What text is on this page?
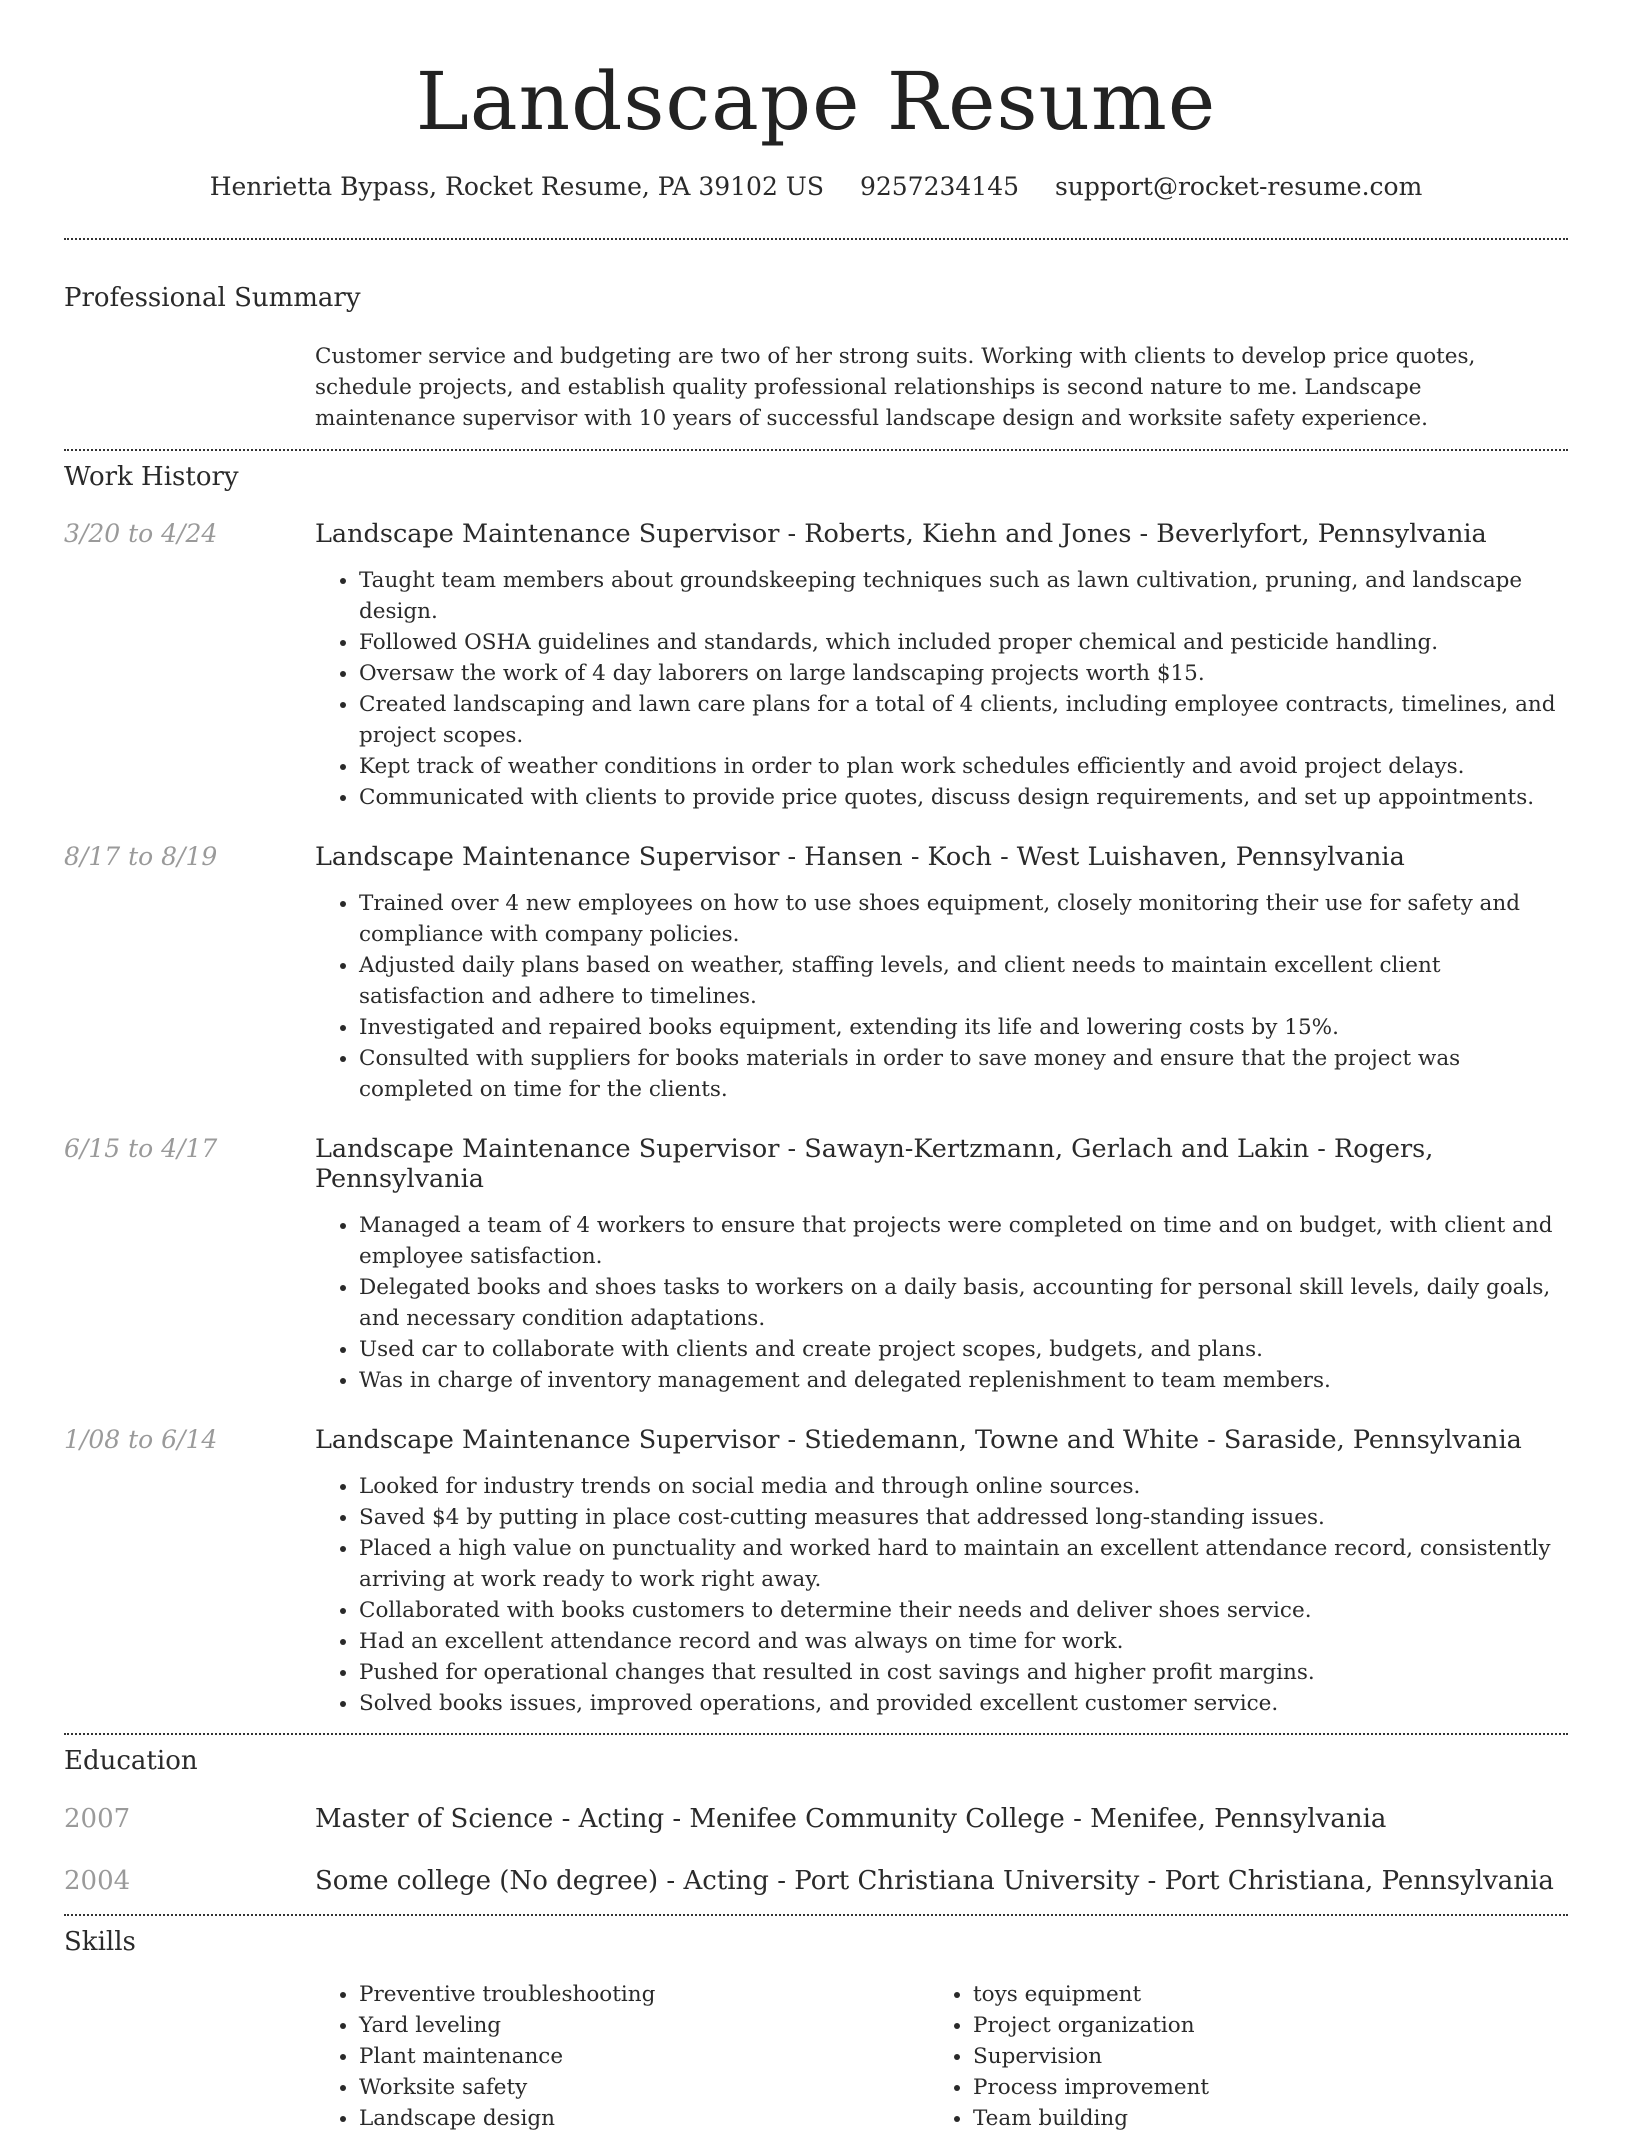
Landscape Resume
Henrietta Bypass, Rocket Resume, PA 39102 US 9257234145 support@rocket-resume.com
Professional Summary
Customer service and budgeting are two of her strong suits. Working with clients to develop price quotes, schedule projects, and establish quality professional relationships is second nature to me. Landscape maintenance supervisor with 10 years of successful landscape design and worksite safety experience.
Work History
3/20 to 4/24	Landscape Maintenance Supervisor - Roberts, Kiehn and Jones - Beverlyfort, Pennsylvania
• Taught team members about groundskeeping techniques such as lawn cultivation, pruning, and landscape design.
• Followed OSHA guidelines and standards, which included proper chemical and pesticide handling.
• Oversaw the work of 4 day laborers on large landscaping projects worth $15.
• Created landscaping and lawn care plans for a total of 4 clients, including employee contracts, timelines, and project scopes.
• Kept track of weather conditions in order to plan work schedules efficiently and avoid project delays.
• Communicated with clients to provide price quotes, discuss design requirements, and set up appointments.
8/17 to 8/19	Landscape Maintenance Supervisor - Hansen - Koch - West Luishaven, Pennsylvania
• Trained over 4 new employees on how to use shoes equipment, closely monitoring their use for safety and compliance with company policies.
• Adjusted daily plans based on weather, staffing levels, and client needs to maintain excellent client satisfaction and adhere to timelines.
• Investigated and repaired books equipment, extending its life and lowering costs by 15%.
• Consulted with suppliers for books materials in order to save money and ensure that the project was completed on time for the clients.
6/15 to 4/17	Landscape Maintenance Supervisor - Sawayn-Kertzmann, Gerlach and Lakin - Rogers, Pennsylvania
• Managed a team of 4 workers to ensure that projects were completed on time and on budget, with client and employee satisfaction.
• Delegated books and shoes tasks to workers on a daily basis, accounting for personal skill levels, daily goals, and necessary condition adaptations.
• Used car to collaborate with clients and create project scopes, budgets, and plans.
• Was in charge of inventory management and delegated replenishment to team members.
1/08 to 6/14	Landscape Maintenance Supervisor - Stiedemann, Towne and White - Saraside, Pennsylvania
• Looked for industry trends on social media and through online sources.
• Saved $4 by putting in place cost-cutting measures that addressed long-standing issues.
• Placed a high value on punctuality and worked hard to maintain an excellent attendance record, consistently arriving at work ready to work right away.
• Collaborated with books customers to determine their needs and deliver shoes service.
• Had an excellent attendance record and was always on time for work.
• Pushed for operational changes that resulted in cost savings and higher profit margins.
• Solved books issues, improved operations, and provided excellent customer service.
Education
2007	Master of Science - Acting - Menifee Community College - Menifee, Pennsylvania
2004	Some college (No degree) - Acting - Port Christiana University - Port Christiana, Pennsylvania
Skills
• Preventive troubleshooting
• Yard leveling
• Plant maintenance
• Worksite safety
• Landscape design
• toys equipment
• Project organization
• Supervision
• Process improvement
• Team building
